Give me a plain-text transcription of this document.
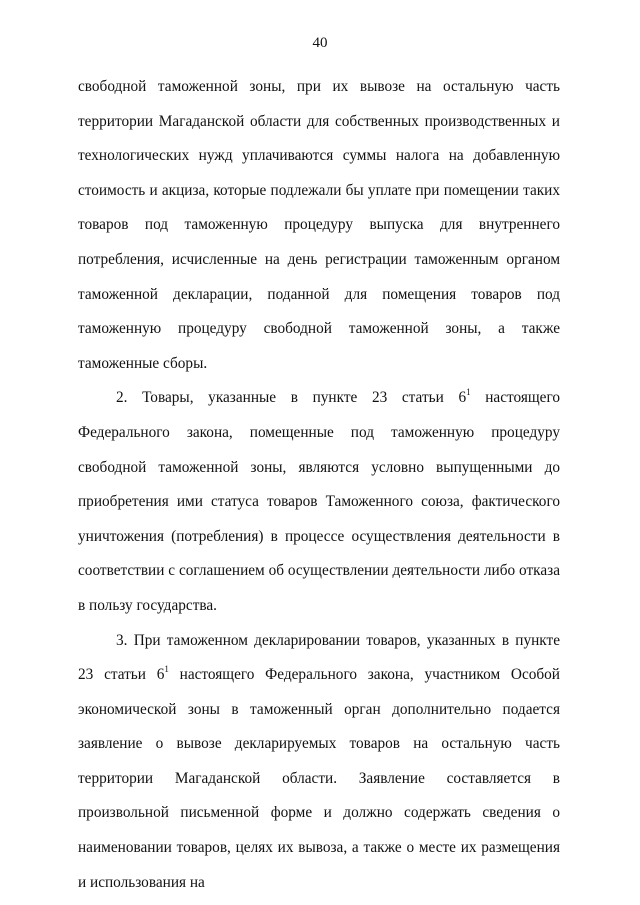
40

свободной таможенной зоны, при их вывозе на остальную часть территории Магаданской области для собственных производственных и технологических нужд уплачиваются суммы налога на добавленную стоимость и акциза, которые подлежали бы уплате при помещении таких товаров под таможенную процедуру выпуска для внутреннего потребления, исчисленные на день регистрации таможенным органом таможенной декларации, поданной для помещения товаров под таможенную процедуру свободной таможенной зоны, а также таможенные сборы.

2. Товары, указанные в пункте 23 статьи $6^1$ настоящего Федерального закона, помещенные под таможенную процедуру свободной таможенной зоны, являются условно выпущенными до приобретения ими статуса товаров Таможенного союза, фактического уничтожения (потребления) в процессе осуществления деятельности в соответствии с соглашением об осуществлении деятельности либо отказа в пользу государства.

3. При таможенном декларировании товаров, указанных в пункте 23 статьи $6^1$ настоящего Федерального закона, участником Особой экономической зоны в таможенный орган дополнительно подается заявление о вывозе декларируемых товаров на остальную часть территории Магаданской области. Заявление составляется в произвольной письменной форме и должно содержать сведения о наименовании товаров, целях их вывоза, а также о месте их размещения и использования на
